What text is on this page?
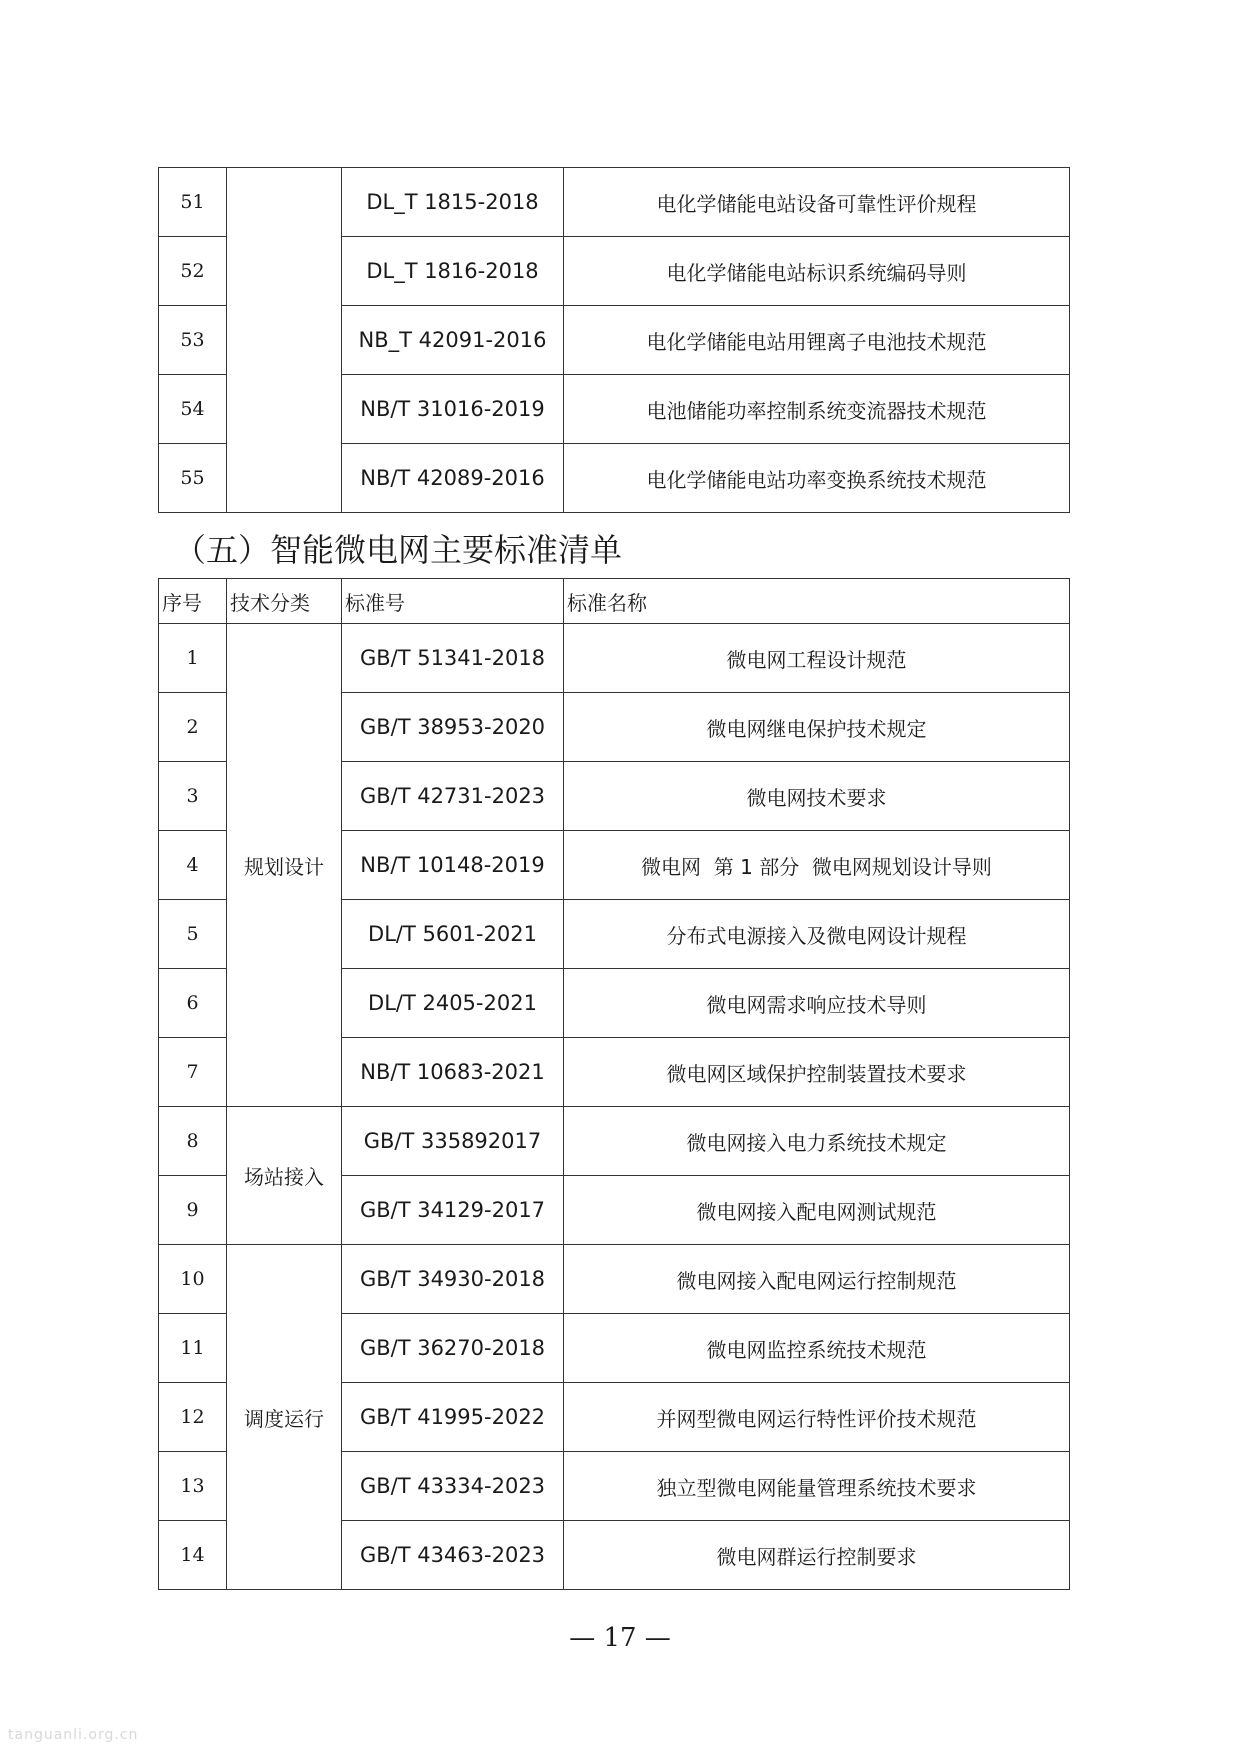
51		DL_T 1815-2018	电化学储能电站设备可靠性评价规程
52		DL_T 1816-2018	电化学储能电站标识系统编码导则
53		NB_T 42091-2016	电化学储能电站用锂离子电池技术规范
54		NB/T 31016-2019	电池储能功率控制系统变流器技术规范
55		NB/T 42089-2016	电化学储能电站功率变换系统技术规范
（五）智能微电网主要标准清单
序号	技术分类	标准号	标准名称
1	规划设计	GB/T 51341-2018	微电网工程设计规范
2		GB/T 38953-2020	微电网继电保护技术规定
3		GB/T 42731-2023	微电网技术要求
4		NB/T 10148-2019	微电网  第 1 部分  微电网规划设计导则
5		DL/T 5601-2021	分布式电源接入及微电网设计规程
6		DL/T 2405-2021	微电网需求响应技术导则
7		NB/T 10683-2021	微电网区域保护控制装置技术要求
8	场站接入	GB/T 335892017	微电网接入电力系统技术规定
9		GB/T 34129-2017	微电网接入配电网测试规范
10	调度运行	GB/T 34930-2018	微电网接入配电网运行控制规范
11		GB/T 36270-2018	微电网监控系统技术规范
12		GB/T 41995-2022	并网型微电网运行特性评价技术规范
13		GB/T 43334-2023	独立型微电网能量管理系统技术要求
14		GB/T 43463-2023	微电网群运行控制要求
— 17 —
tanguanli.org.cn
